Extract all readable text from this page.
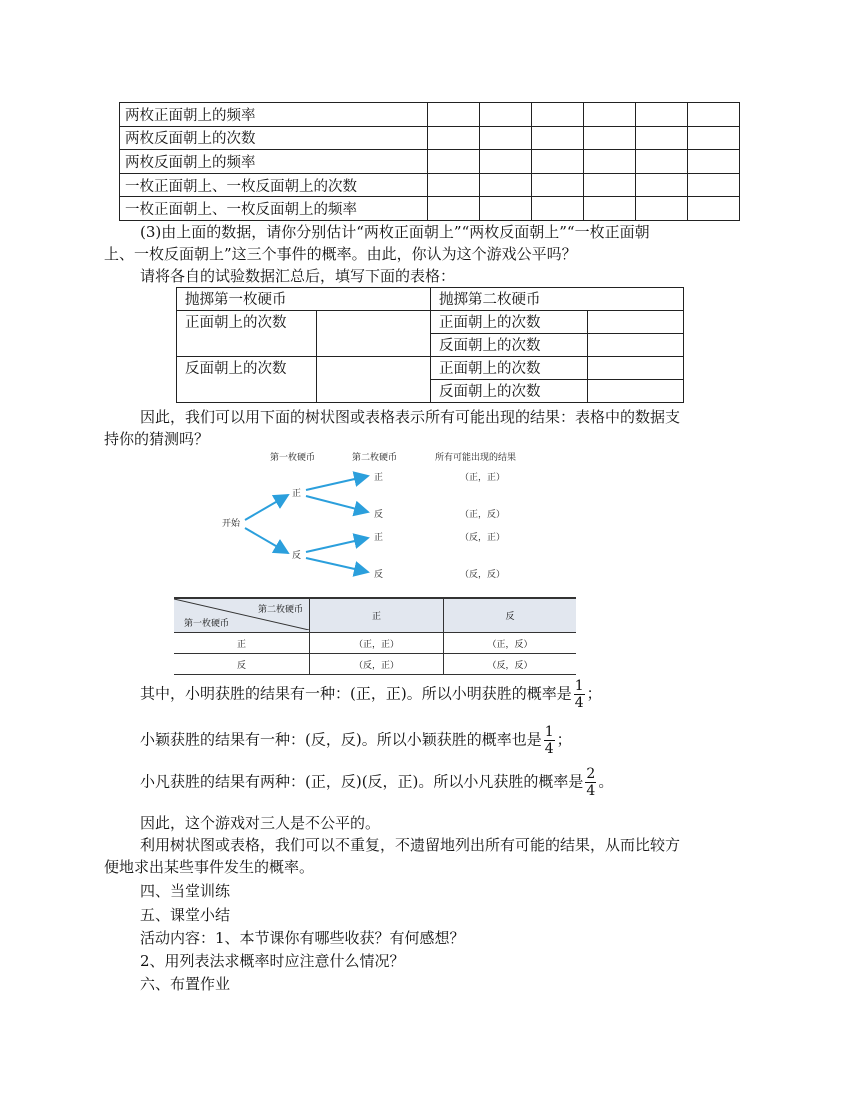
两枚正面朝上的频率						
两枚反面朝上的次数						
两枚反面朝上的频率						
一枚正面朝上、一枚反面朝上的次数						
一枚正面朝上、一枚反面朝上的频率						
(3)由上面的数据，请你分别估计“两枚正面朝上”“两枚反面朝上”“一枚正面朝
上、一枚反面朝上”这三个事件的概率。由此，你认为这个游戏公平吗？
请将各自的试验数据汇总后，填写下面的表格：
抛掷第一枚硬币		抛掷第二枚硬币	
正面朝上的次数		正面朝上的次数	
		反面朝上的次数	
反面朝上的次数		正面朝上的次数	
		反面朝上的次数	
因此，我们可以用下面的树状图或表格表示所有可能出现的结果：表格中的数据支
持你的猜测吗？
第一枚硬币	第二枚硬币	所有可能出现的结果
开始
正
反
正
反
正
反
（正，正）
（正，反）
（反，正）
（反，反）
第二枚硬币
第一枚硬币	正	反
正	（正，正）	（正，反）
反	（反，正）	（反，反）
其中，小明获胜的结果有一种：(正，正)。所以小明获胜的概率是 $\frac{1}{4}$ ；
小颖获胜的结果有一种：(反，反)。所以小颖获胜的概率也是 $\frac{1}{4}$ ；
小凡获胜的结果有两种：(正，反)(反，正)。所以小凡获胜的概率是 $\frac{2}{4}$ 。
因此，这个游戏对三人是不公平的。
利用树状图或表格，我们可以不重复，不遗留地列出所有可能的结果，从而比较方
便地求出某些事件发生的概率。
四、当堂训练
五、课堂小结
活动内容：1、本节课你有哪些收获？有何感想？
2、用列表法求概率时应注意什么情况？
六、布置作业
